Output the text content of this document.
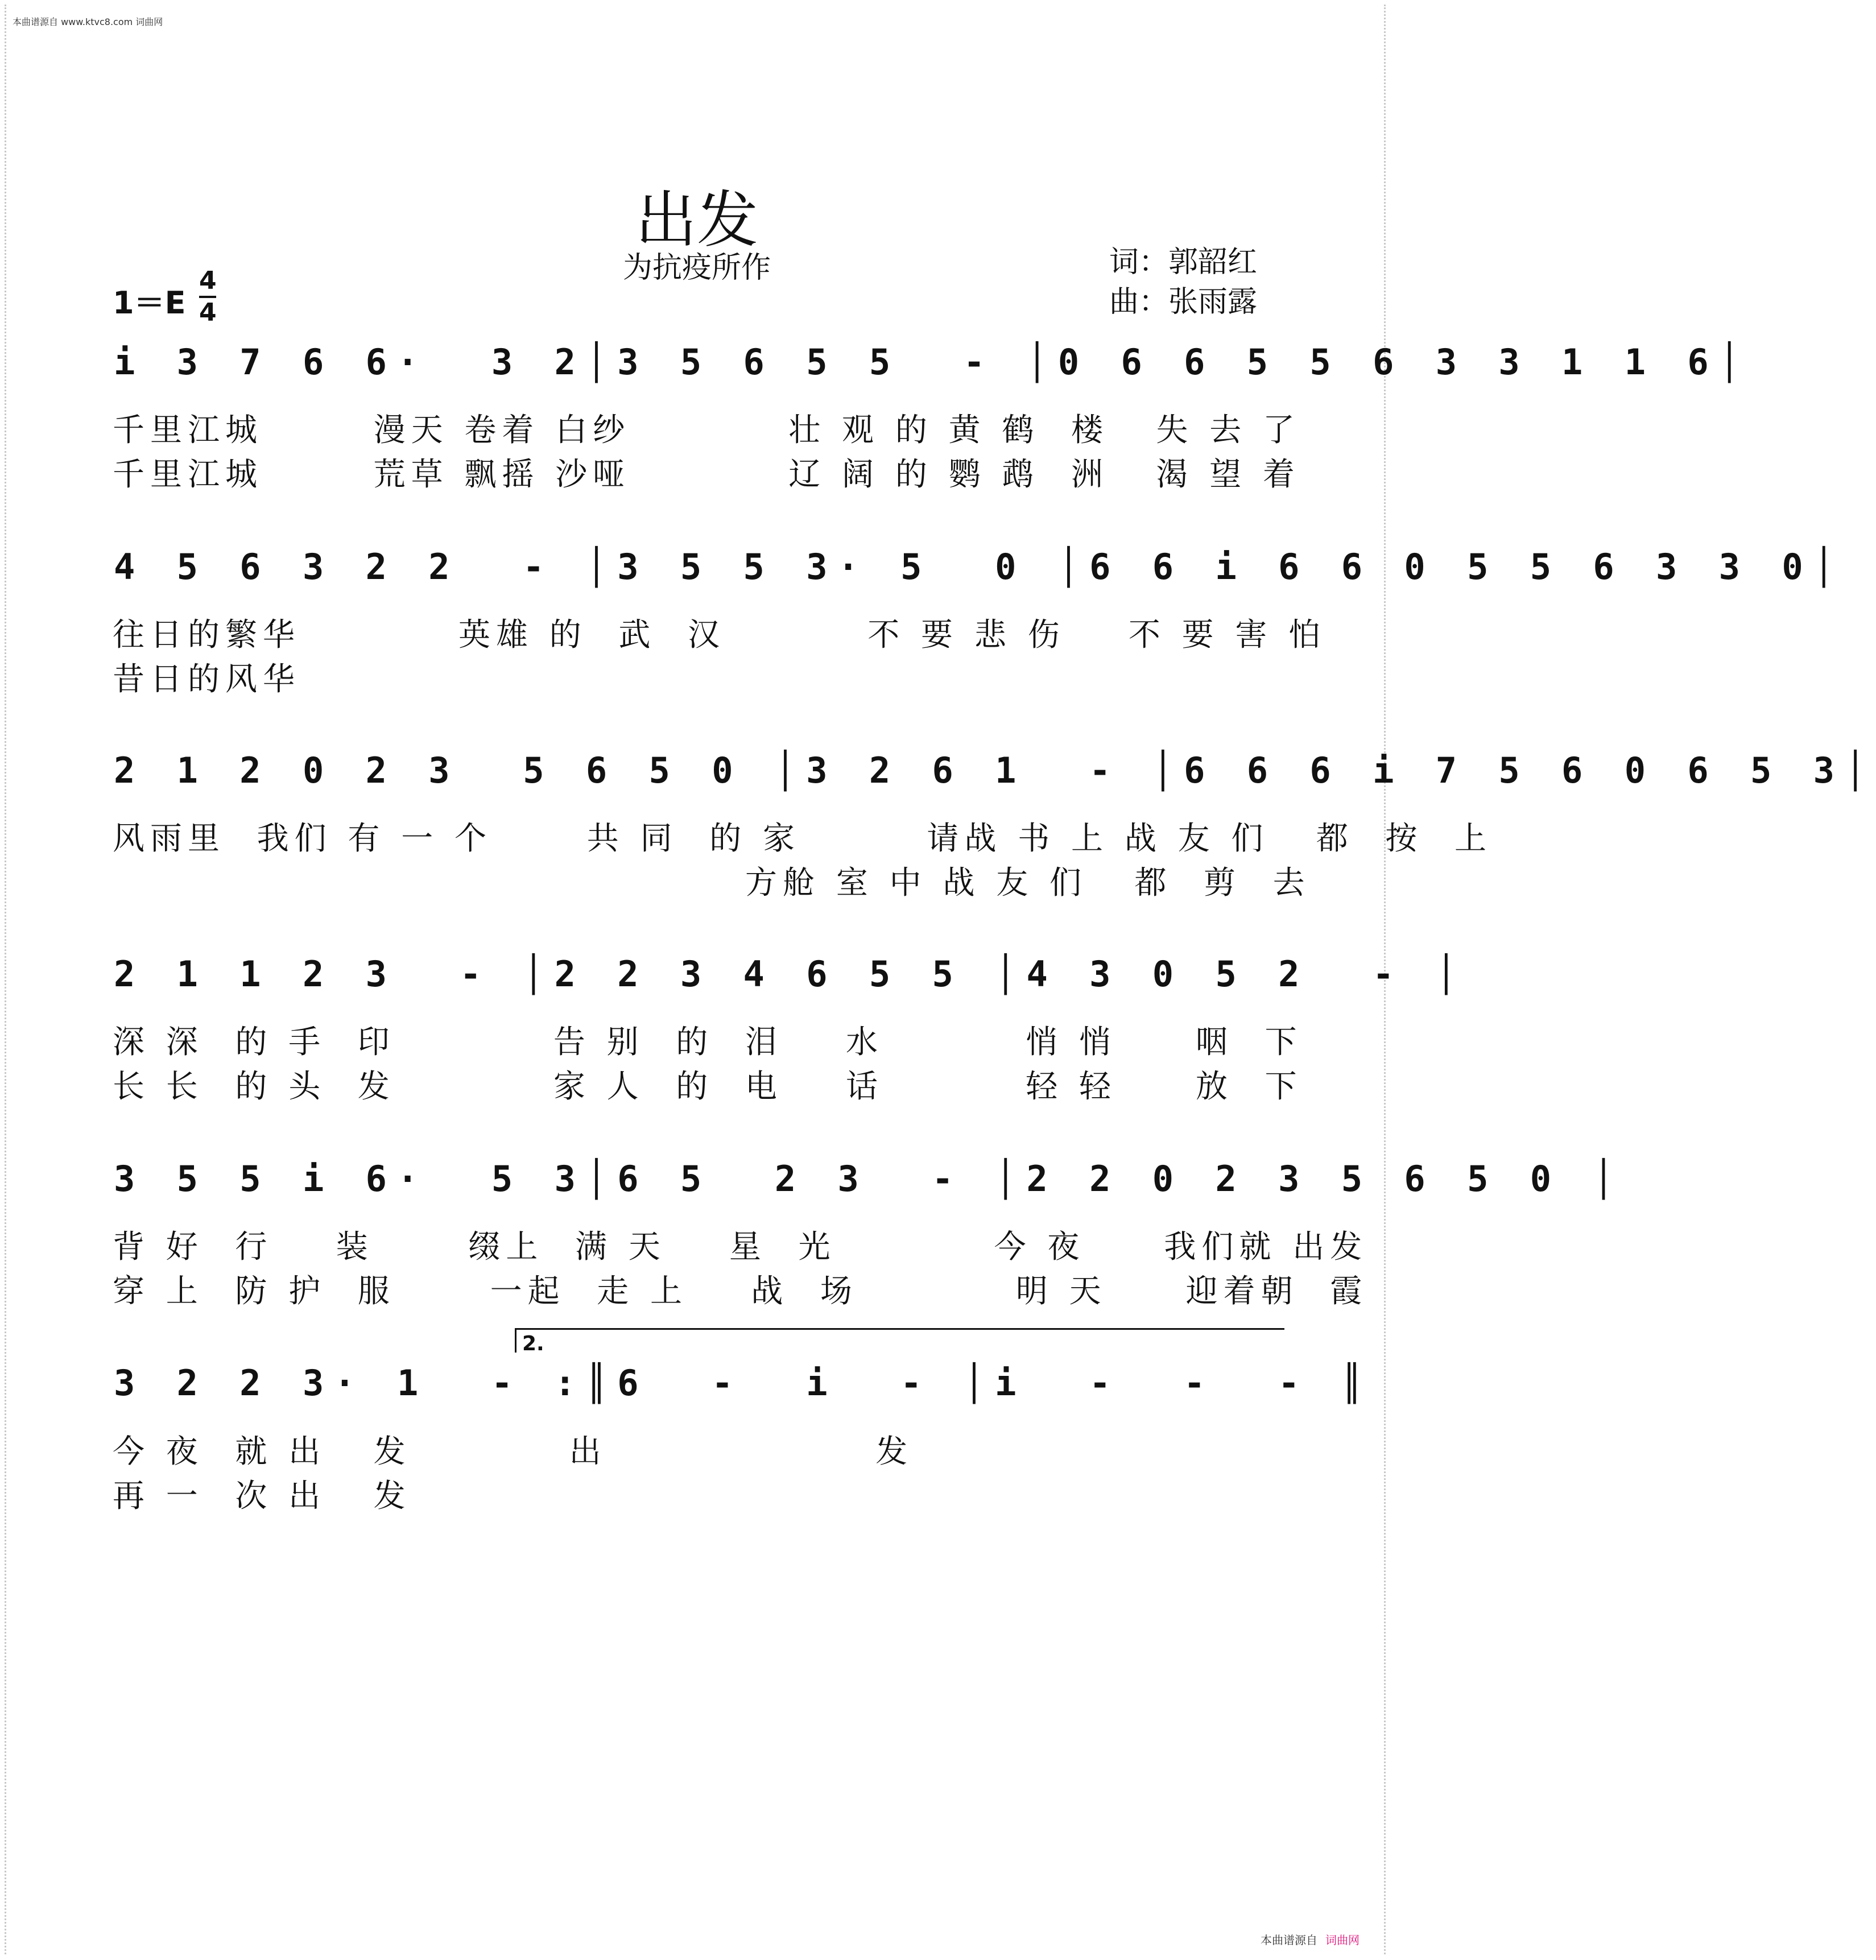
本曲谱源自 www.ktvc8.com 词曲网
出发
为抗疫所作	词：郭韶红
曲：张雨露
1＝E
4
4
i 3 7 6 6·  3 2│3 5 6 5 5  - │0 6 6 5 5 6 3 3 1 1 6│
千里江城       漫天 卷着 白纱          壮 观 的 黄 鹤  楼   失 去 了
千里江城       荒草 飘摇 沙哑          辽 阔 的 鹦 鹉  洲   渴 望 着
4 5 6 3 2 2  - │3 5 5 3· 5  0 │6 6 i 6 6 0 5 5 6 3 3 0│
往日的繁华          英雄 的  武  汉         不 要 悲 伤    不 要 害 怕
昔日的风华
2 1 2 0 2 3  5 6 5 0 │3 2 6 1  - │6 6 6 i 7 5 6 0 6 5 3│
风雨里  我们 有 一 个      共 同  的 家        请战 书 上 战 友 们   都  按  上
方舱 室 中 战 友 们   都  剪  去
2 1 1 2 3  - │2 2 3 4 6 5 5 │4 3 0 5 2  - │
深 深  的 手  印          告 别  的  泪    水         悄 悄     咽  下
长 长  的 头  发          家 人  的  电    话         轻 轻     放  下
3 5 5 i 6·  5 3│6 5  2 3  - │2 2 0 2 3 5 6 5 0 │
背 好  行    装      缀上  满 天    星  光          今 夜     我们就 出发
穿 上  防 护  服      一起  走 上    战  场          明 天     迎着朝  霞
2.
3 2 2 3· 1  - :║6  -  i  - │i  -  -  - ║
今 夜  就 出   发          出                 发
再 一  次 出   发
本曲谱源自 词曲网
